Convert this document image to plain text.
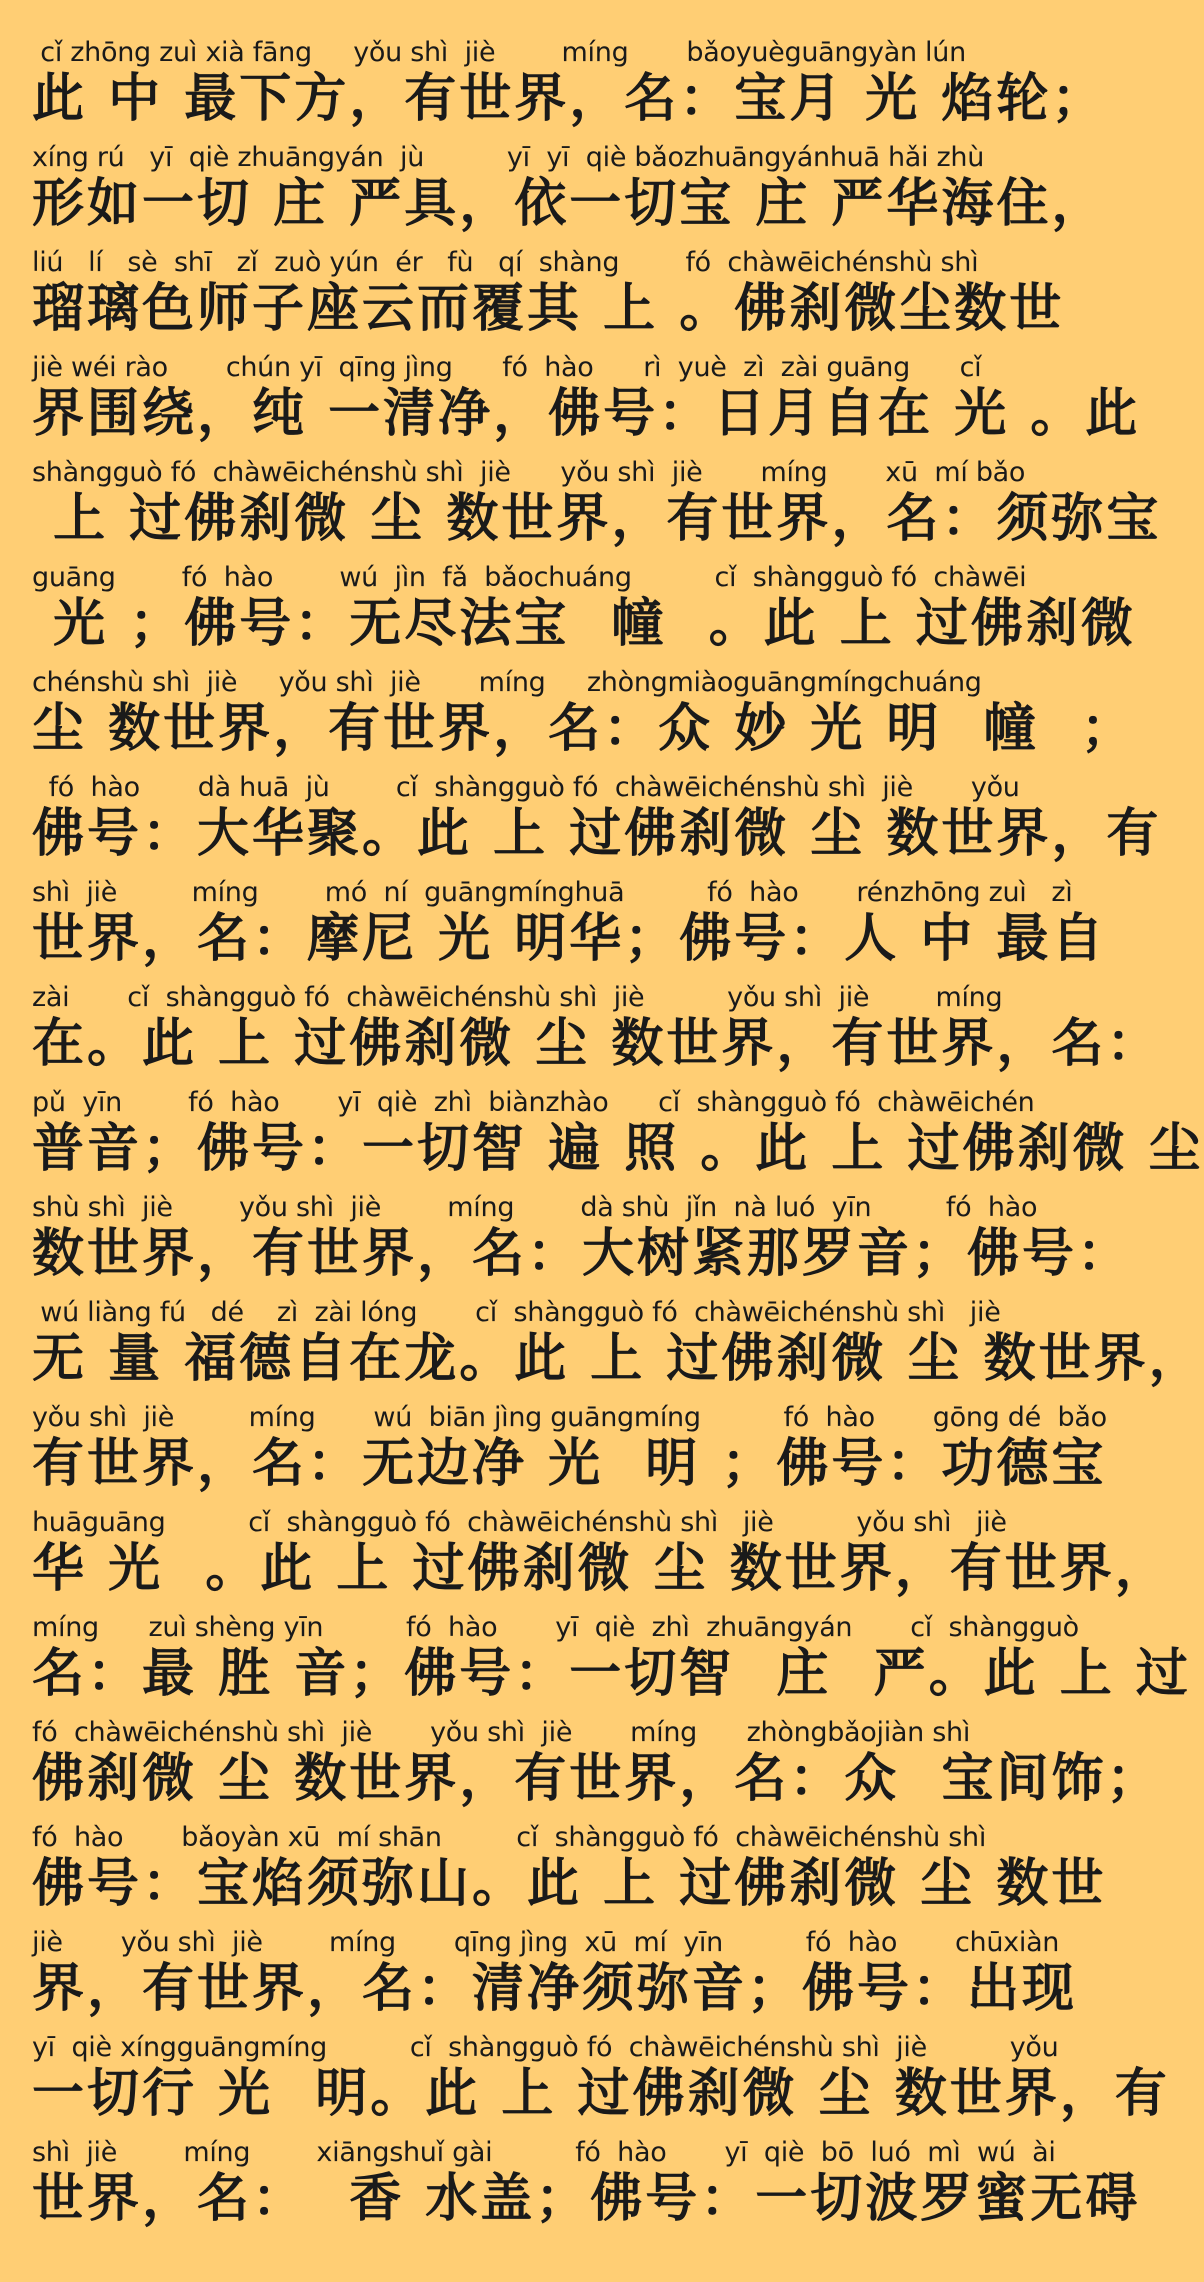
cǐ zhōng zuì xià fāng     yǒu shì  jiè        míng       bǎoyuèguāngyàn lún
此 中 最下方，有世界，名：宝月 光 焰轮；
xíng rú   yī  qiè zhuāngyán  jù          yī  yī  qiè bǎozhuāngyánhuā hǎi zhù
形如一切 庄 严具，依一切宝 庄 严华海住，
liú   lí   sè  shī   zǐ  zuò yún  ér   fù   qí  shàng        fó  chàwēichénshù shì
瑠璃色师子座云而覆其 上 。佛刹微尘数世
jiè wéi rào       chún yī  qīng jìng      fó  hào      rì  yuè  zì  zài guāng      cǐ
界围绕，纯 一清净，佛号：日月自在 光 。此
shàngguò fó  chàwēichénshù shì  jiè      yǒu shì  jiè       míng       xū  mí bǎo
上 过佛刹微 尘 数世界，有世界，名：须弥宝
guāng        fó  hào        wú  jìn  fǎ  bǎochuáng          cǐ  shàngguò fó  chàwēi
光 ；佛号：无尽法宝  幢  。此 上 过佛刹微
chénshù shì  jiè     yǒu shì  jiè       míng     zhòngmiàoguāngmíngchuáng
尘 数世界，有世界，名：众 妙 光 明  幢  ；
fó  hào       dà huā  jù        cǐ  shàngguò fó  chàwēichénshù shì  jiè       yǒu
佛号：大华聚。此 上 过佛刹微 尘 数世界，有
shì  jiè         míng        mó  ní  guāngmínghuā          fó  hào       rénzhōng zuì   zì
世界，名：摩尼 光 明华；佛号：人 中 最自
zài       cǐ  shàngguò fó  chàwēichénshù shì  jiè          yǒu shì  jiè        míng
在。此 上 过佛刹微 尘 数世界，有世界，名：
pǔ  yīn        fó  hào       yī  qiè  zhì  biànzhào      cǐ  shàngguò fó  chàwēichén
普音；佛号：一切智 遍 照 。此 上 过佛刹微 尘
shù shì  jiè        yǒu shì  jiè        míng        dà shù  jǐn  nà luó  yīn         fó  hào
数世界，有世界，名：大树紧那罗音；佛号：
wú liàng fú   dé    zì  zài lóng       cǐ  shàngguò fó  chàwēichénshù shì   jiè
无 量 福德自在龙。此 上 过佛刹微 尘 数世界，
yǒu shì  jiè         míng       wú  biān jìng guāngmíng          fó  hào       gōng dé  bǎo
有世界，名：无边净 光  明 ；佛号：功德宝
huāguāng          cǐ  shàngguò fó  chàwēichénshù shì   jiè          yǒu shì   jiè
华 光  。此 上 过佛刹微 尘 数世界，有世界，
míng      zuì shèng yīn          fó  hào       yī  qiè  zhì  zhuāngyán       cǐ  shàngguò
名：最 胜 音；佛号：一切智  庄  严。此 上 过
fó  chàwēichénshù shì  jiè       yǒu shì  jiè       míng      zhòngbǎojiàn shì
佛刹微 尘 数世界，有世界，名：众  宝间饰；
fó  hào       bǎoyàn xū  mí shān         cǐ  shàngguò fó  chàwēichénshù shì
佛号：宝焰须弥山。此 上 过佛刹微 尘 数世
jiè       yǒu shì  jiè        míng       qīng jìng  xū  mí  yīn          fó  hào       chūxiàn
界，有世界，名：清净须弥音；佛号：出现
yī  qiè xíngguāngmíng          cǐ  shàngguò fó  chàwēichénshù shì  jiè          yǒu
一切行 光  明。此 上 过佛刹微 尘 数世界，有
shì  jiè        míng        xiāngshuǐ gài          fó  hào       yī  qiè  bō  luó  mì  wú  ài
世界，名：  香 水盖；佛号：一切波罗蜜无碍
